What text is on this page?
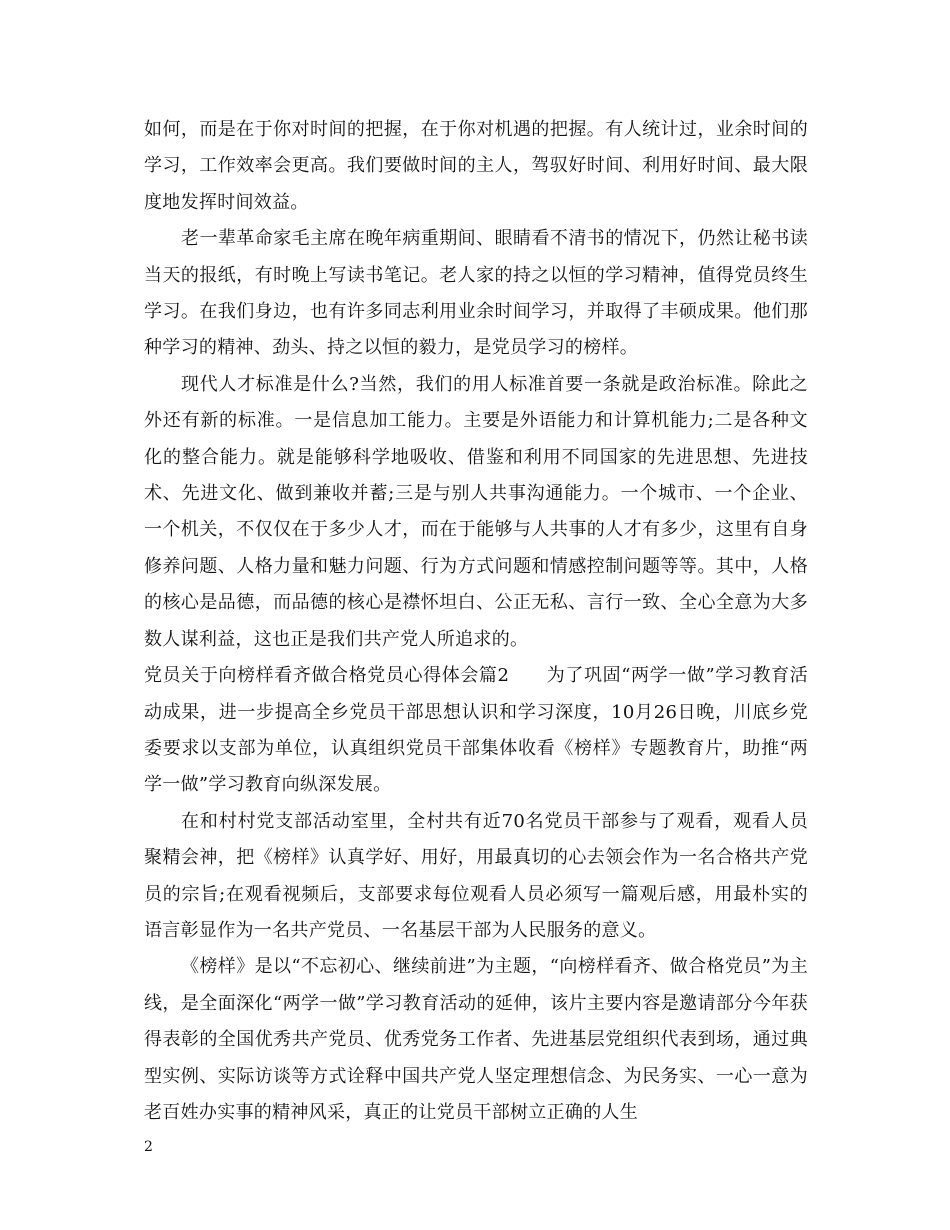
如何，而是在于你对时间的把握，在于你对机遇的把握。有人统计过，业余时间的学习，工作效率会更高。我们要做时间的主人，驾驭好时间、利用好时间、最大限度地发挥时间效益。

老一辈革命家毛主席在晚年病重期间、眼睛看不清书的情况下，仍然让秘书读当天的报纸，有时晚上写读书笔记。老人家的持之以恒的学习精神，值得党员终生学习。在我们身边，也有许多同志利用业余时间学习，并取得了丰硕成果。他们那种学习的精神、劲头、持之以恒的毅力，是党员学习的榜样。

现代人才标准是什么?当然，我们的用人标准首要一条就是政治标准。除此之外还有新的标准。一是信息加工能力。主要是外语能力和计算机能力;二是各种文化的整合能力。就是能够科学地吸收、借鉴和利用不同国家的先进思想、先进技术、先进文化、做到兼收并蓄;三是与别人共事沟通能力。一个城市、一个企业、一个机关，不仅仅在于多少人才，而在于能够与人共事的人才有多少，这里有自身修养问题、人格力量和魅力问题、行为方式问题和情感控制问题等等。其中，人格的核心是品德，而品德的核心是襟怀坦白、公正无私、言行一致、全心全意为大多数人谋利益，这也正是我们共产党人所追求的。

党员关于向榜样看齐做合格党员心得体会篇2　　为了巩固“两学一做”学习教育活动成果，进一步提高全乡党员干部思想认识和学习深度，10月26日晚，川底乡党委要求以支部为单位，认真组织党员干部集体收看《榜样》专题教育片，助推“两学一做”学习教育向纵深发展。

在和村村党支部活动室里，全村共有近70名党员干部参与了观看，观看人员聚精会神，把《榜样》认真学好、用好，用最真切的心去领会作为一名合格共产党员的宗旨;在观看视频后，支部要求每位观看人员必须写一篇观后感，用最朴实的语言彰显作为一名共产党员、一名基层干部为人民服务的意义。

《榜样》是以“不忘初心、继续前进”为主题，“向榜样看齐、做合格党员”为主线，是全面深化“两学一做”学习教育活动的延伸，该片主要内容是邀请部分今年获得表彰的全国优秀共产党员、优秀党务工作者、先进基层党组织代表到场，通过典型实例、实际访谈等方式诠释中国共产党人坚定理想信念、为民务实、一心一意为老百姓办实事的精神风采，真正的让党员干部树立正确的人生

2
